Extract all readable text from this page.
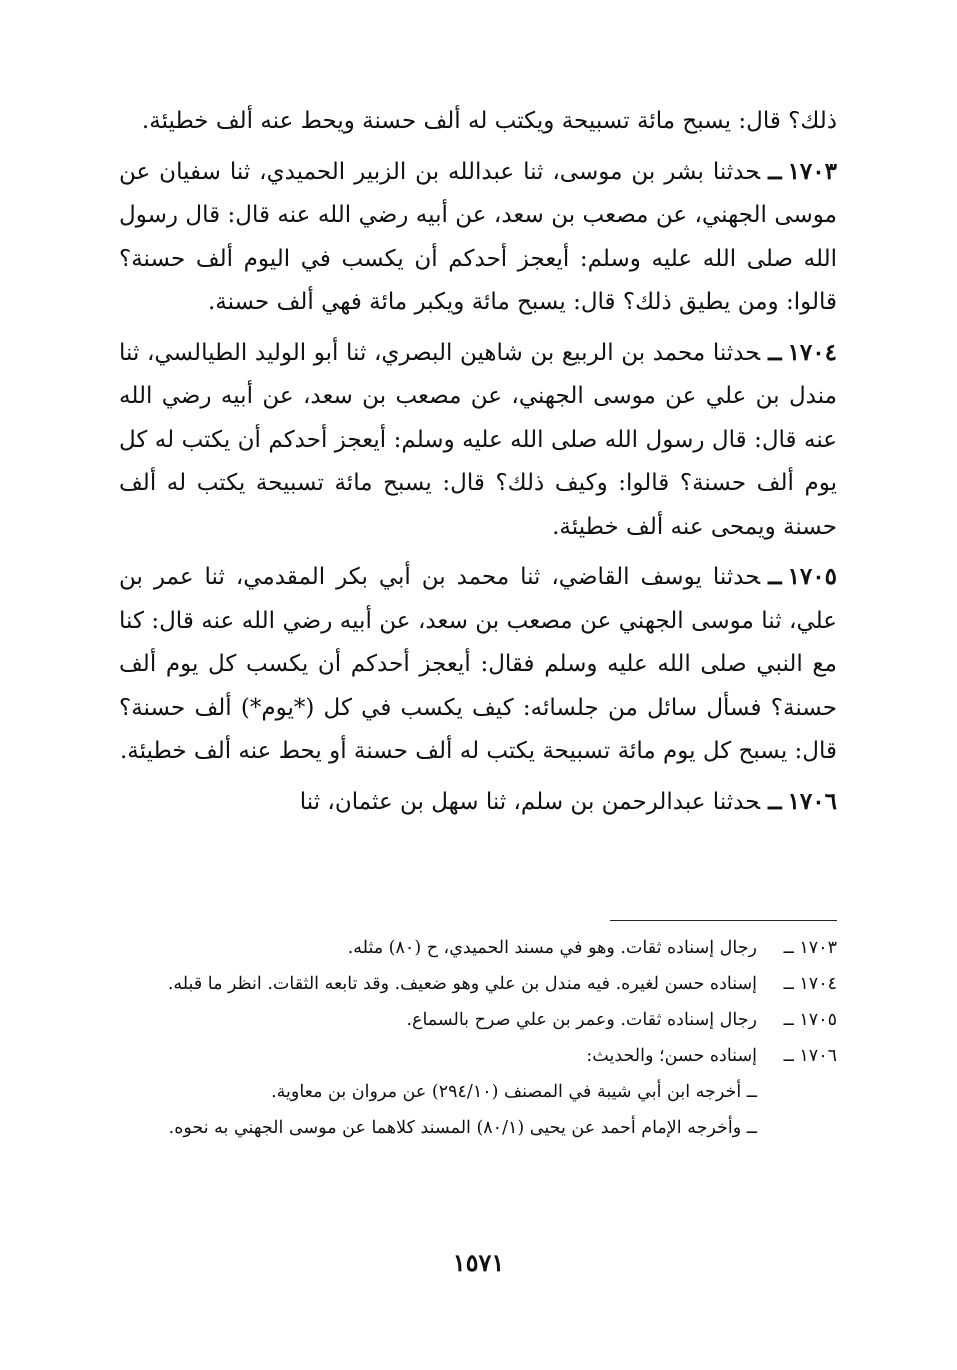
ذلك؟ قال: يسبح مائة تسبيحة ويكتب له ألف حسنة ويحط عنه ألف خطيئة.

١٧٠٣ــحدثنا بشر بن موسى، ثنا عبدالله بن الزبير الحميدي، ثنا سفيان عن موسى الجهني، عن مصعب بن سعد، عن أبيه رضي الله عنه قال: قال رسول الله صلى الله عليه وسلم: أيعجز أحدكم أن يكسب في اليوم ألف حسنة؟ قالوا: ومن يطيق ذلك؟ قال: يسبح مائة ويكبر مائة فهي ألف حسنة.

١٧٠٤ــحدثنا محمد بن الربيع بن شاهين البصري، ثنا أبو الوليد الطيالسي، ثنا مندل بن علي عن موسى الجهني، عن مصعب بن سعد، عن أبيه رضي الله عنه قال: قال رسول الله صلى الله عليه وسلم: أيعجز أحدكم أن يكتب له كل يوم ألف حسنة؟ قالوا: وكيف ذلك؟ قال: يسبح مائة تسبيحة يكتب له ألف حسنة ويمحى عنه ألف خطيئة.

١٧٠٥ــحدثنا يوسف القاضي، ثنا محمد بن أبي بكر المقدمي، ثنا عمر بن علي، ثنا موسى الجهني عن مصعب بن سعد، عن أبيه رضي الله عنه قال: كنا مع النبي صلى الله عليه وسلم فقال: أيعجز أحدكم أن يكسب كل يوم ألف حسنة؟ فسأل سائل من جلسائه: كيف يكسب في كل (*يوم*) ألف حسنة؟ قال: يسبح كل يوم مائة تسبيحة يكتب له ألف حسنة أو يحط عنه ألف خطيئة.

١٧٠٦ــحدثنا عبدالرحمن بن سلم، ثنا سهل بن عثمان، ثنا

١٧٠٣ ــ
رجال إسناده ثقات. وهو في مسند الحميدي، ح (٨٠) مثله.
١٧٠٤ ــ
إسناده حسن لغيره. فيه مندل بن علي وهو ضعيف. وقد تابعه الثقات. انظر ما قبله.
١٧٠٥ ــ
رجال إسناده ثقات. وعمر بن علي صرح بالسماع.
١٧٠٦ ــ
إسناده حسن؛ والحديث:
ــ أخرجه ابن أبي شيبة في المصنف (٢٩٤/١٠) عن مروان بن معاوية.
ــ وأخرجه الإمام أحمد عن يحيى (٨٠/١) المسند كلاهما عن موسى الجهني به نحوه.
١٥٧١
